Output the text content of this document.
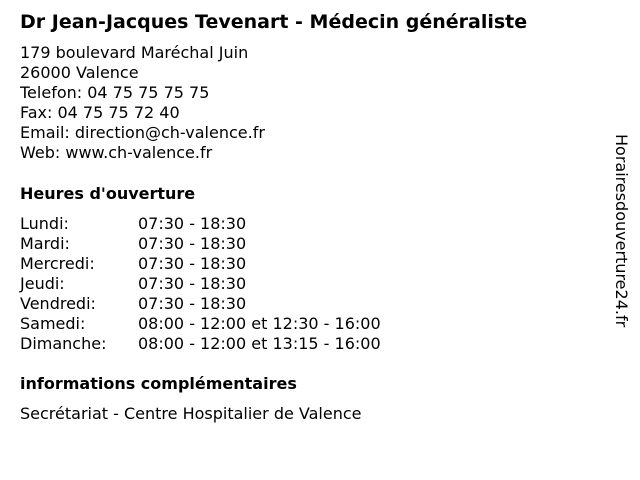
Dr Jean-Jacques Tevenart - Médecin généraliste
179 boulevard Maréchal Juin
26000 Valence
Telefon: 04 75 75 75 75
Fax: 04 75 75 72 40
Email: direction@ch-valence.fr
Web: www.ch-valence.fr
Heures d'ouverture
Lundi:	07:30 - 18:30
Mardi:	07:30 - 18:30
Mercredi:	07:30 - 18:30
Jeudi:	07:30 - 18:30
Vendredi:	07:30 - 18:30
Samedi:	08:00 - 12:00 et 12:30 - 16:00
Dimanche: 08:00 - 12:00 et 13:15 - 16:00
informations complémentaires
Secrétariat - Centre Hospitalier de Valence
Horairesdouverture24.fr
